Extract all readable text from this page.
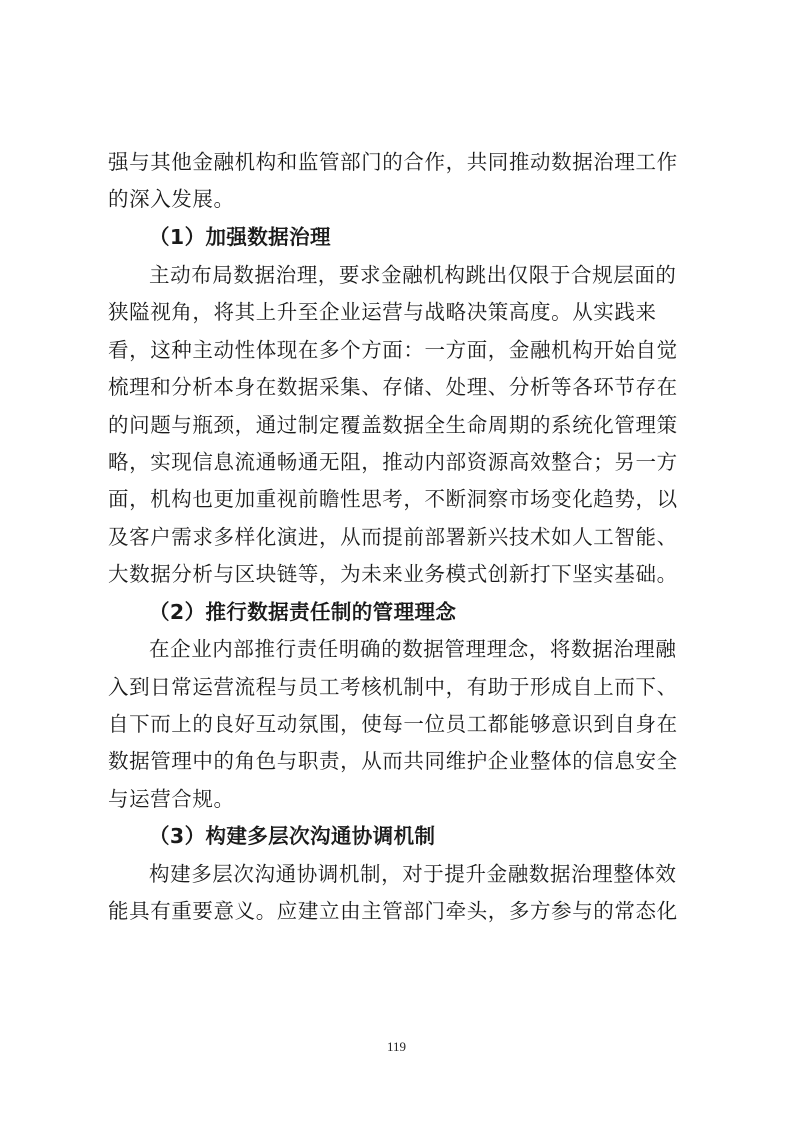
强与其他金融机构和监管部门的合作，共同推动数据治理工作
的深入发展。
（1）加强数据治理
主动布局数据治理，要求金融机构跳出仅限于合规层面的
狭隘视角，将其上升至企业运营与战略决策高度。从实践来
看，这种主动性体现在多个方面：一方面，金融机构开始自觉
梳理和分析本身在数据采集、存储、处理、分析等各环节存在
的问题与瓶颈，通过制定覆盖数据全生命周期的系统化管理策
略，实现信息流通畅通无阻，推动内部资源高效整合；另一方
面，机构也更加重视前瞻性思考，不断洞察市场变化趋势，以
及客户需求多样化演进，从而提前部署新兴技术如人工智能、
大数据分析与区块链等，为未来业务模式创新打下坚实基础。
（2）推行数据责任制的管理理念
在企业内部推行责任明确的数据管理理念，将数据治理融
入到日常运营流程与员工考核机制中，有助于形成自上而下、
自下而上的良好互动氛围，使每一位员工都能够意识到自身在
数据管理中的角色与职责，从而共同维护企业整体的信息安全
与运营合规。
（3）构建多层次沟通协调机制
构建多层次沟通协调机制，对于提升金融数据治理整体效
能具有重要意义。应建立由主管部门牵头，多方参与的常态化
119
